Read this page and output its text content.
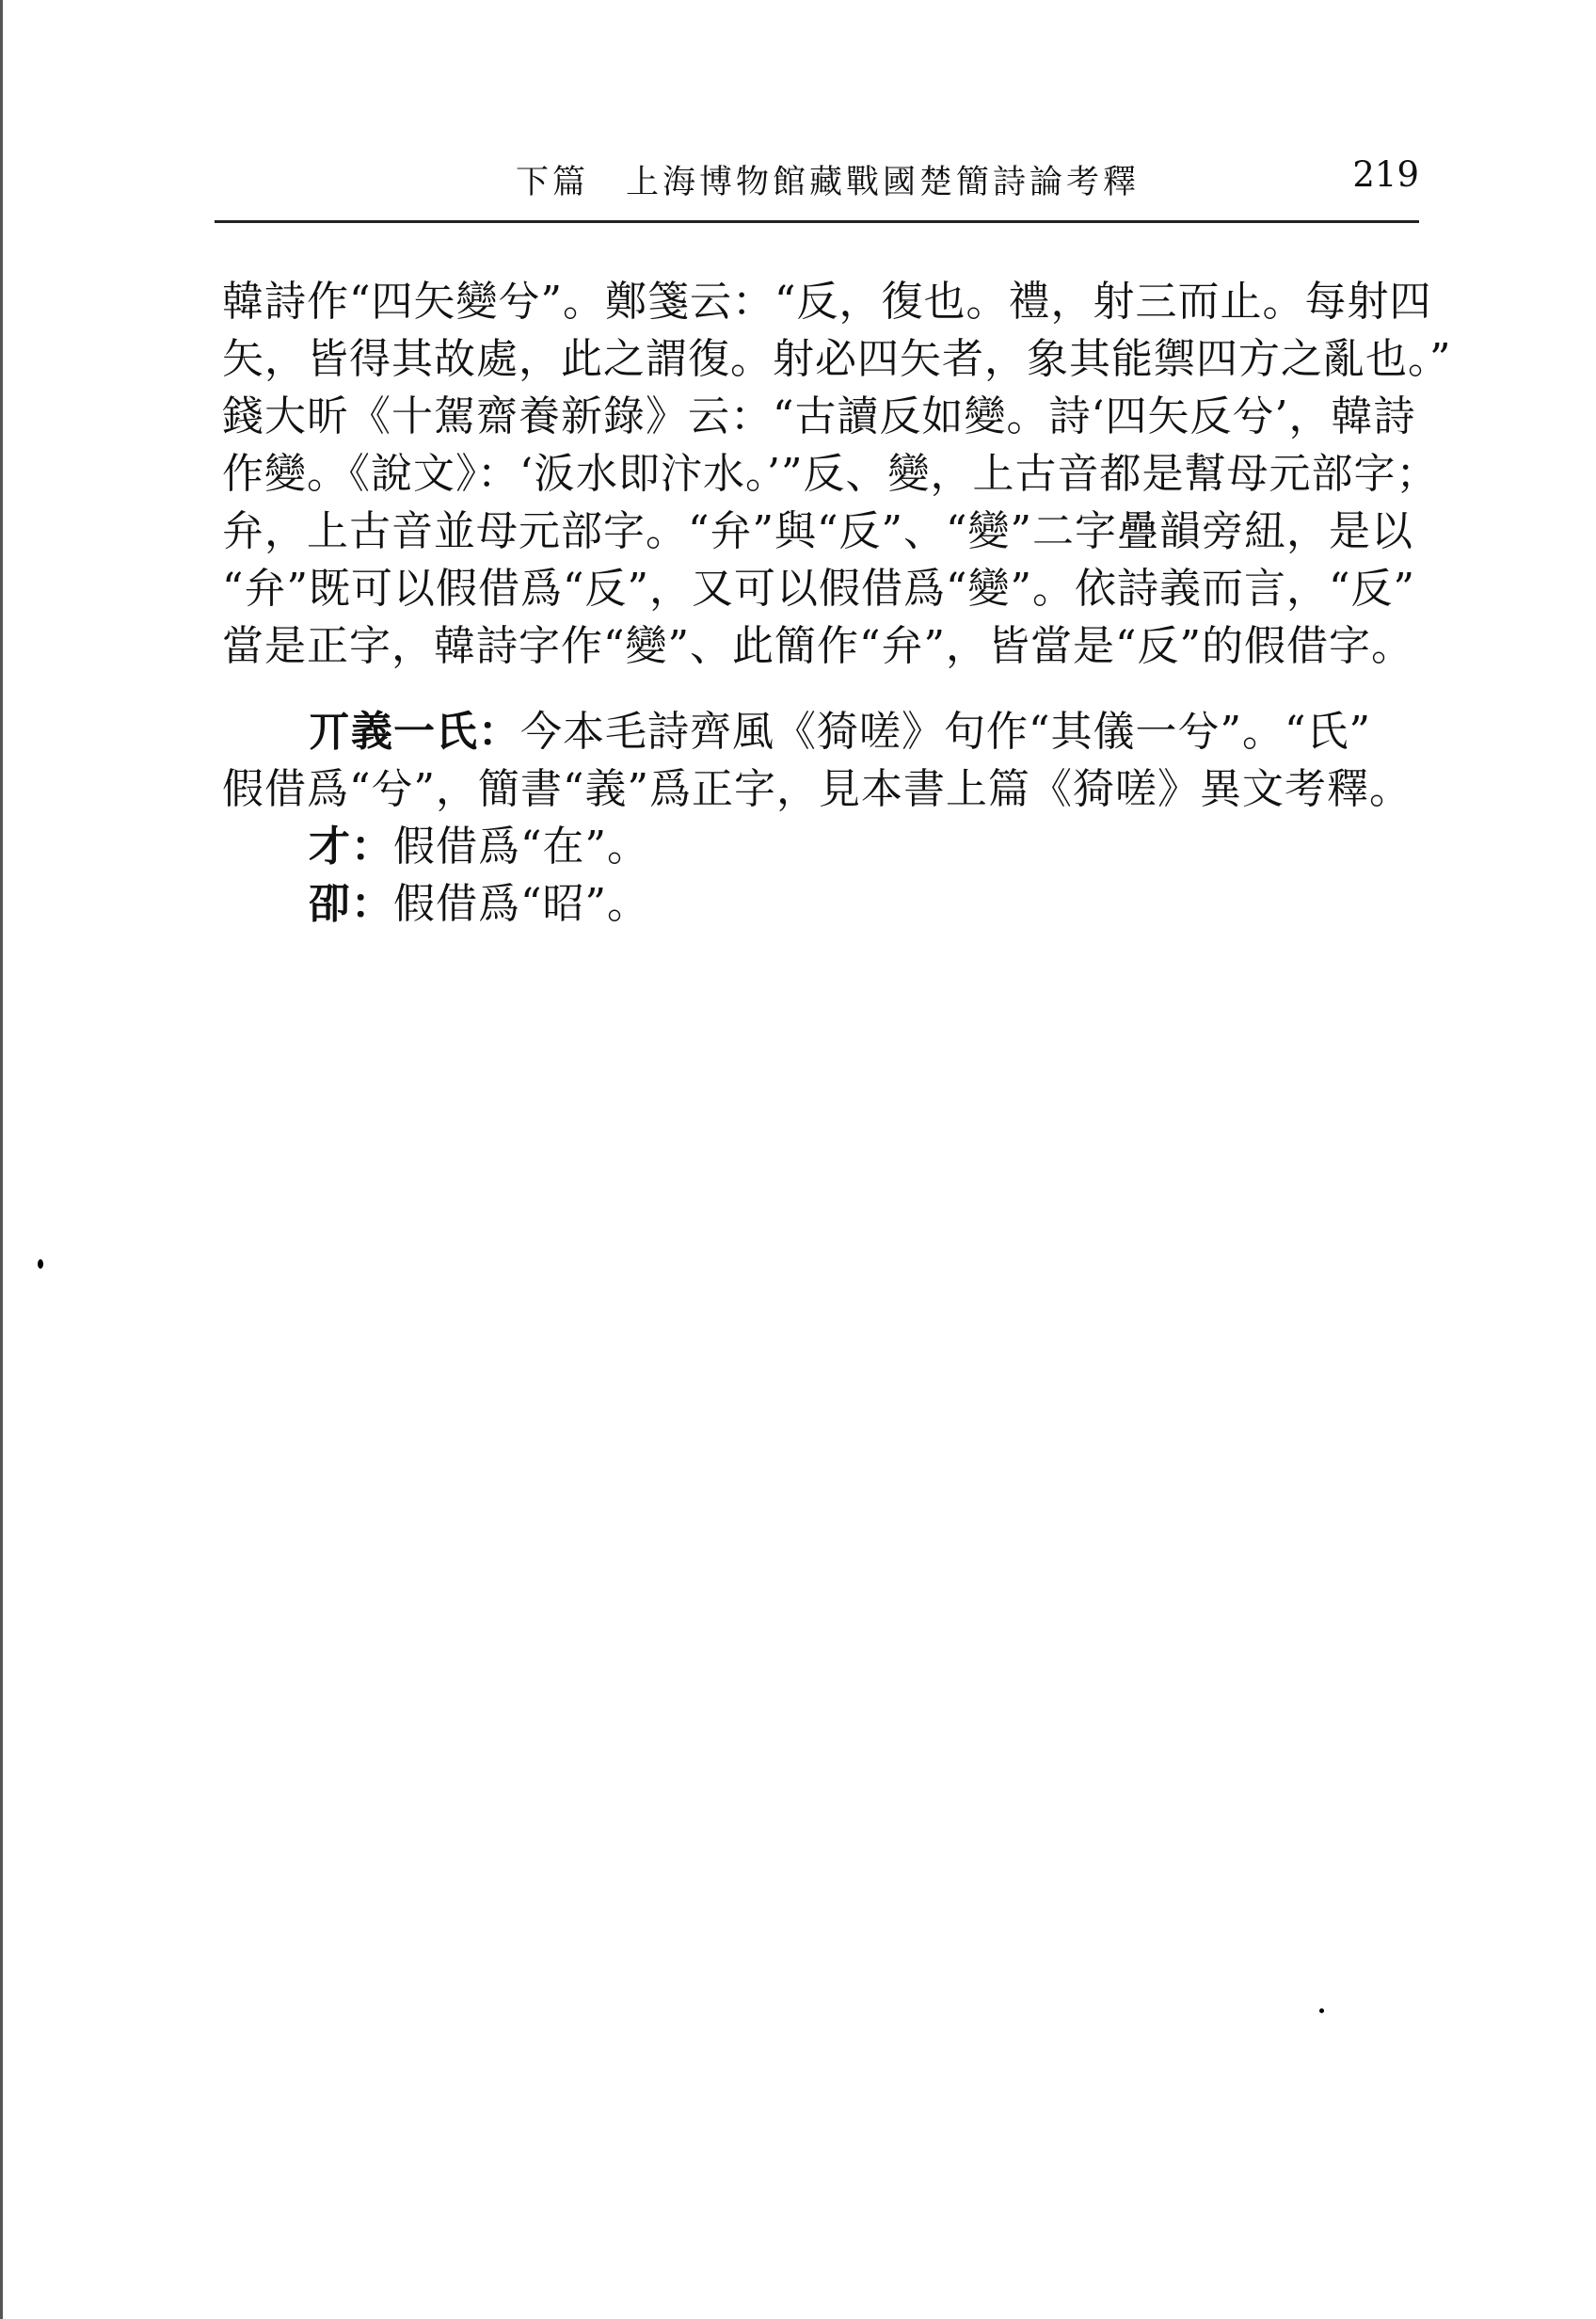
下篇　上海博物館藏戰國楚簡詩論考釋	219
韓詩作“四矢變兮”。鄭箋云：“反，復也。禮，射三而止。每射四
矢，皆得其故處，此之謂復。射必四矢者，象其能禦四方之亂也。”
錢大昕《十駕齋養新錄》云：“古讀反如變。詩‘四矢反兮’，韓詩
作變。《說文》：‘汳水即汴水。’”反、變，上古音都是幫母元部字；
弁，上古音並母元部字。“弁”與“反”、“變”二字疊韻旁紐，是以
“弁”既可以假借爲“反”，又可以假借爲“變”。依詩義而言，“反”
當是正字，韓詩字作“變”、此簡作“弁”，皆當是“反”的假借字。
丌義一氏：今本毛詩齊風《猗嗟》句作“其儀一兮”。“氏”
假借爲“兮”，簡書“義”爲正字，見本書上篇《猗嗟》異文考釋。
才：假借爲“在”。
卲：假借爲“昭”。
